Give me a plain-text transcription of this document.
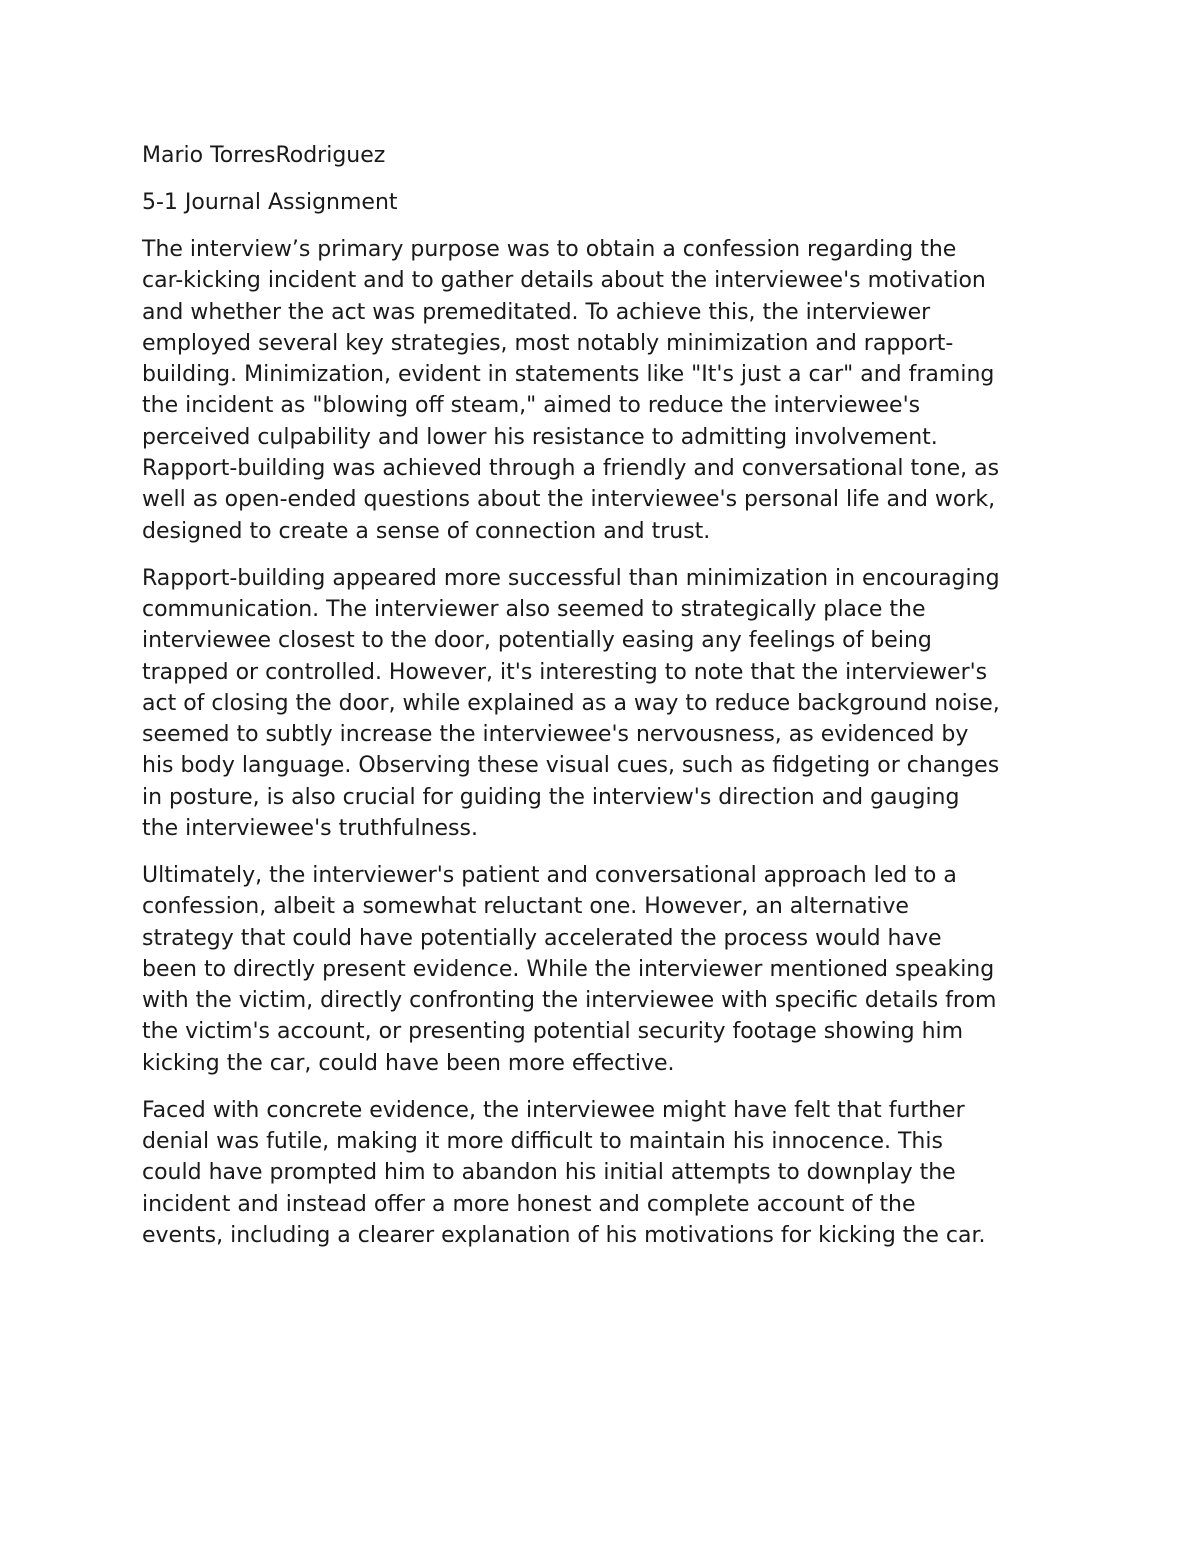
Mario TorresRodriguez
5-1 Journal Assignment
The interview’s primary purpose was to obtain a confession regarding the
car-kicking incident and to gather details about the interviewee's motivation
and whether the act was premeditated. To achieve this, the interviewer
employed several key strategies, most notably minimization and rapport-
building. Minimization, evident in statements like "It's just a car" and framing
the incident as "blowing off steam," aimed to reduce the interviewee's
perceived culpability and lower his resistance to admitting involvement.
Rapport-building was achieved through a friendly and conversational tone, as
well as open-ended questions about the interviewee's personal life and work,
designed to create a sense of connection and trust.
Rapport-building appeared more successful than minimization in encouraging
communication. The interviewer also seemed to strategically place the
interviewee closest to the door, potentially easing any feelings of being
trapped or controlled. However, it's interesting to note that the interviewer's
act of closing the door, while explained as a way to reduce background noise,
seemed to subtly increase the interviewee's nervousness, as evidenced by
his body language. Observing these visual cues, such as fidgeting or changes
in posture, is also crucial for guiding the interview's direction and gauging
the interviewee's truthfulness.
Ultimately, the interviewer's patient and conversational approach led to a
confession, albeit a somewhat reluctant one. However, an alternative
strategy that could have potentially accelerated the process would have
been to directly present evidence. While the interviewer mentioned speaking
with the victim, directly confronting the interviewee with specific details from
the victim's account, or presenting potential security footage showing him
kicking the car, could have been more effective.
Faced with concrete evidence, the interviewee might have felt that further
denial was futile, making it more difficult to maintain his innocence. This
could have prompted him to abandon his initial attempts to downplay the
incident and instead offer a more honest and complete account of the
events, including a clearer explanation of his motivations for kicking the car.
